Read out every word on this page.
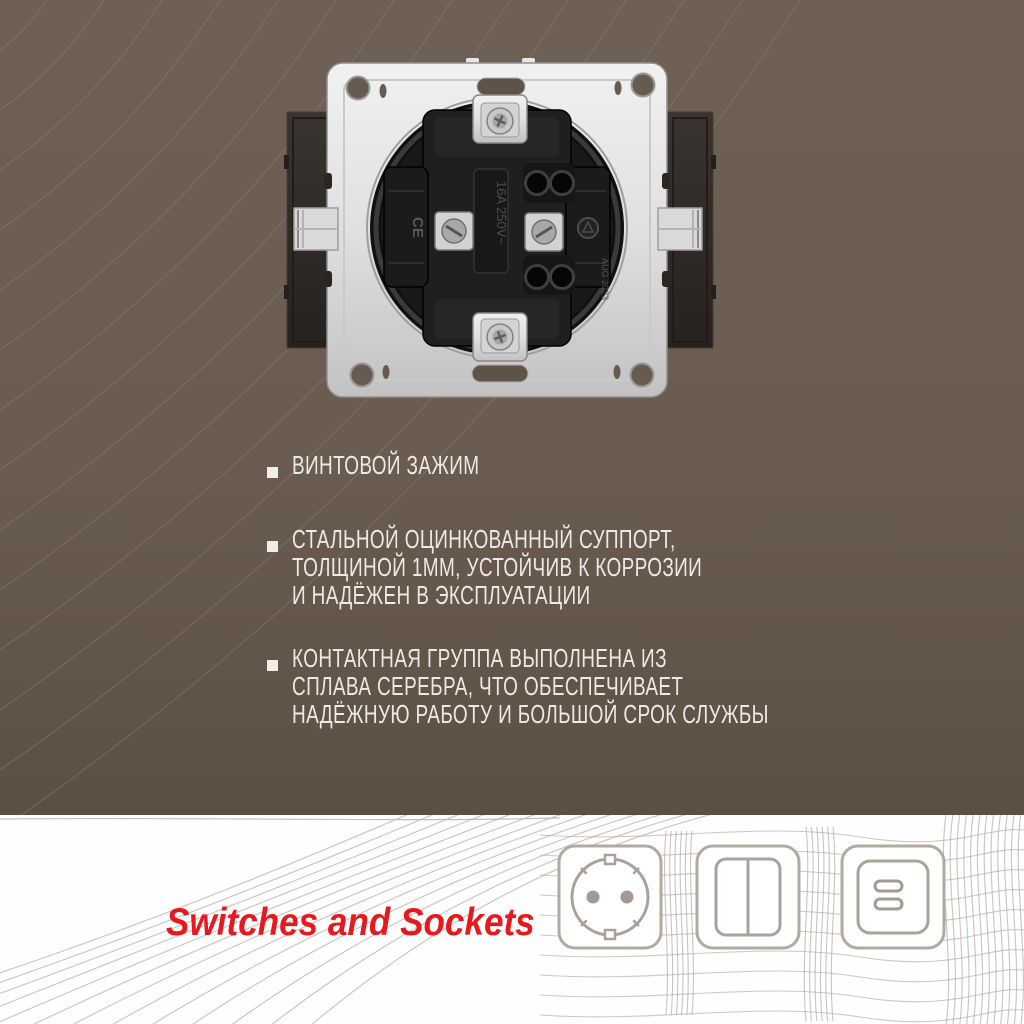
16A 250V~
CE
AUG 2023
ВИНТОВОЙ ЗАЖИМ
СТАЛЬНОЙ ОЦИНКОВАННЫЙ СУППОРТ,
ТОЛЩИНОЙ 1ММ, УСТОЙЧИВ К КОРРОЗИИ
И НАДЁЖЕН В ЭКСПЛУАТАЦИИ
КОНТАКТНАЯ ГРУППА ВЫПОЛНЕНА ИЗ
СПЛАВА СЕРЕБРА, ЧТО ОБЕСПЕЧИВАЕТ
НАДЁЖНУЮ РАБОТУ И БОЛЬШОЙ СРОК СЛУЖБЫ
Switches and Sockets
